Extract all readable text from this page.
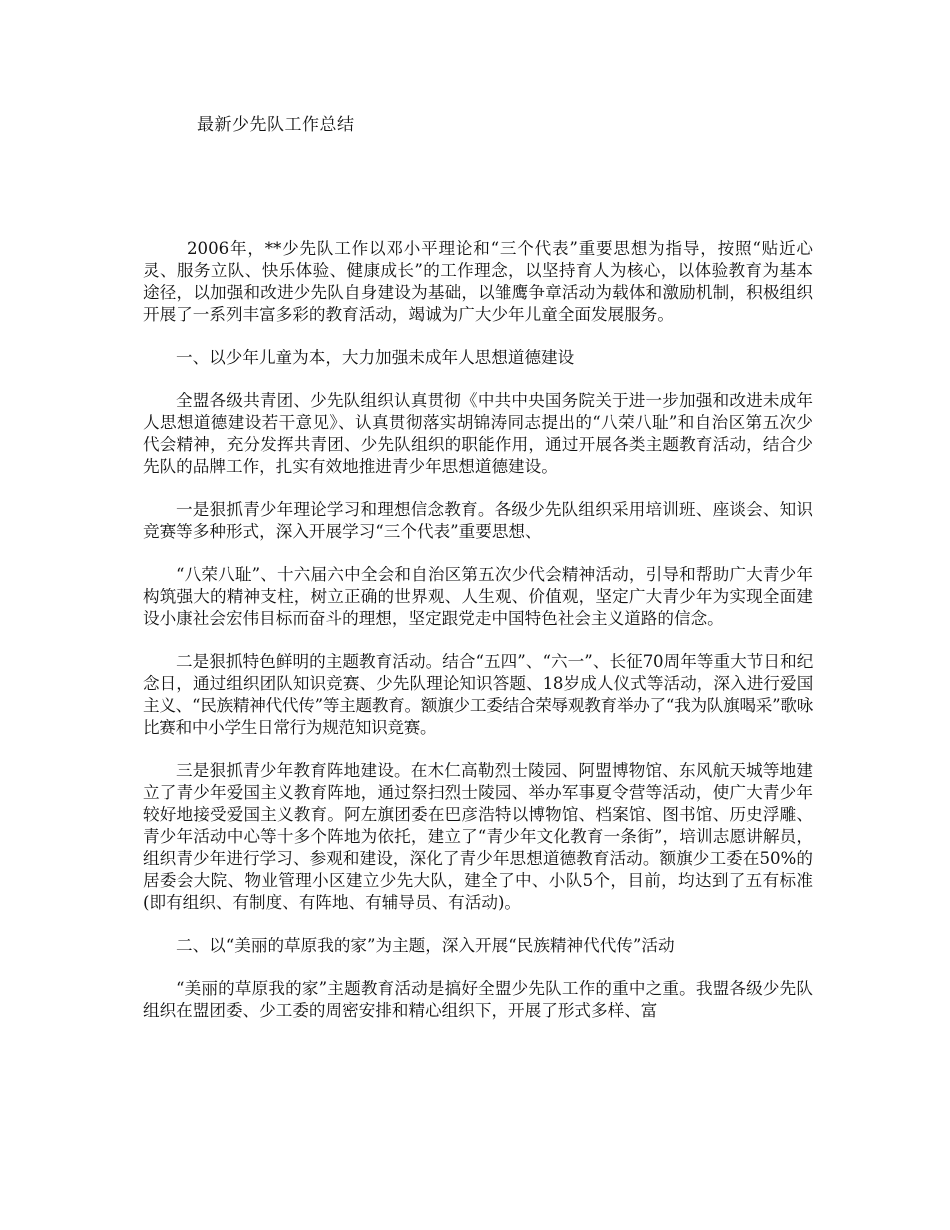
最新少先队工作总结

2006年，**少先队工作以邓小平理论和“三个代表”重要思想为指导，按照“贴近心灵、服务立队、快乐体验、健康成长”的工作理念，以坚持育人为核心，以体验教育为基本途径，以加强和改进少先队自身建设为基础，以雏鹰争章活动为载体和激励机制，积极组织开展了一系列丰富多彩的教育活动，竭诚为广大少年儿童全面发展服务。

一、以少年儿童为本，大力加强未成年人思想道德建设

全盟各级共青团、少先队组织认真贯彻《中共中央国务院关于进一步加强和改进未成年人思想道德建设若干意见》、认真贯彻落实胡锦涛同志提出的“八荣八耻”和自治区第五次少代会精神，充分发挥共青团、少先队组织的职能作用，通过开展各类主题教育活动，结合少先队的品牌工作，扎实有效地推进青少年思想道德建设。

一是狠抓青少年理论学习和理想信念教育。各级少先队组织采用培训班、座谈会、知识竞赛等多种形式，深入开展学习“三个代表”重要思想、

“八荣八耻”、十六届六中全会和自治区第五次少代会精神活动，引导和帮助广大青少年构筑强大的精神支柱，树立正确的世界观、人生观、价值观，坚定广大青少年为实现全面建设小康社会宏伟目标而奋斗的理想，坚定跟党走中国特色社会主义道路的信念。

二是狠抓特色鲜明的主题教育活动。结合“五四”、“六一”、长征70周年等重大节日和纪念日，通过组织团队知识竞赛、少先队理论知识答题、18岁成人仪式等活动，深入进行爱国主义、“民族精神代代传”等主题教育。额旗少工委结合荣辱观教育举办了“我为队旗喝采”歌咏比赛和中小学生日常行为规范知识竞赛。

三是狠抓青少年教育阵地建设。在木仁高勒烈士陵园、阿盟博物馆、东风航天城等地建立了青少年爱国主义教育阵地，通过祭扫烈士陵园、举办军事夏令营等活动，使广大青少年较好地接受爱国主义教育。阿左旗团委在巴彦浩特以博物馆、档案馆、图书馆、历史浮雕、青少年活动中心等十多个阵地为依托，建立了“青少年文化教育一条街”，培训志愿讲解员，组织青少年进行学习、参观和建设，深化了青少年思想道德教育活动。额旗少工委在50%的居委会大院、物业管理小区建立少先大队，建全了中、小队5个，目前，均达到了五有标准(即有组织、有制度、有阵地、有辅导员、有活动)。

二、以“美丽的草原我的家”为主题，深入开展“民族精神代代传”活动

“美丽的草原我的家”主题教育活动是搞好全盟少先队工作的重中之重。我盟各级少先队组织在盟团委、少工委的周密安排和精心组织下，开展了形式多样、富
